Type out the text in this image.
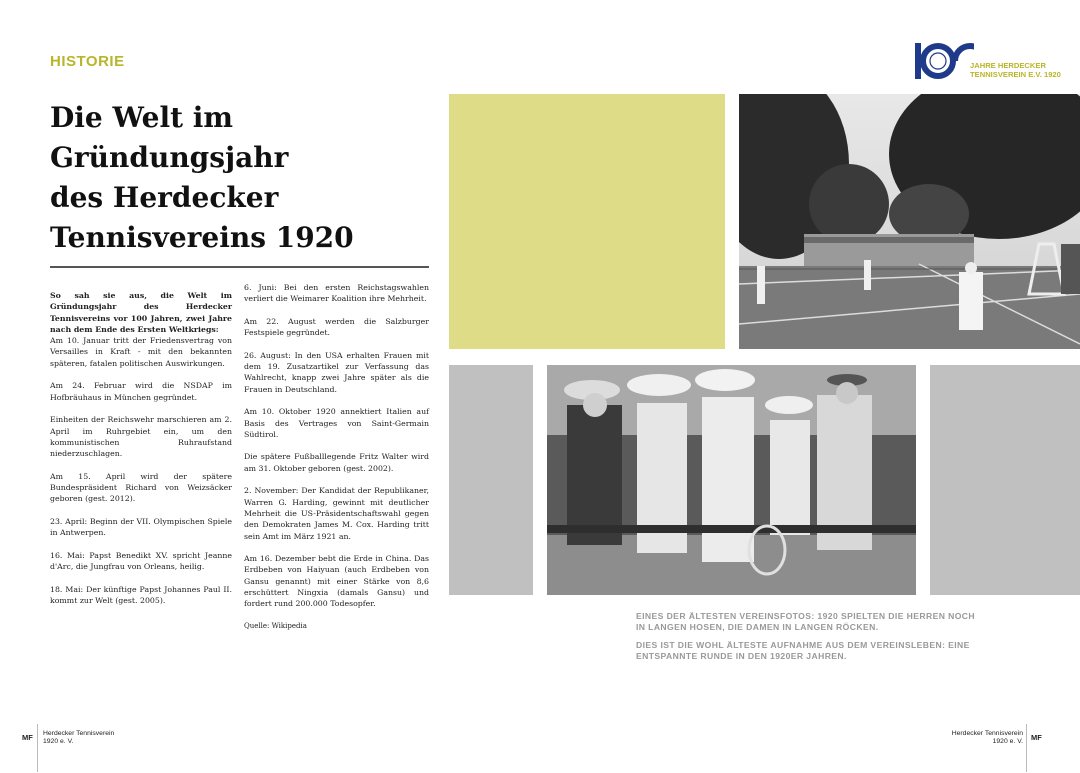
HISTORIE
Die Welt im
Gründungsjahr
des Herdecker
Tennisvereins 1920
JAHRE HERDECKER
TENNISVEREIN E.V. 1920

So sah sie aus, die Welt im Gründungsjahr des Herdecker Tennisvereins vor 100 Jahren, zwei Jahre nach dem Ende des Ersten Weltkriegs:
Am 10. Januar tritt der Friedensvertrag von Versailles in Kraft - mit den bekannten späteren, fatalen politischen Auswirkungen.

Am 24. Februar wird die NSDAP im Hofbräuhaus in München gegründet.

Einheiten der Reichswehr marschieren am 2. April im Ruhrgebiet ein, um den kommunistischen Ruhraufstand niederzuschlagen.

Am 15. April wird der spätere Bundespräsident Richard von Weizsäcker geboren (gest. 2012).

23. April: Beginn der VII. Olympischen Spiele in Antwerpen.

16. Mai: Papst Benedikt XV. spricht Jeanne d'Arc, die Jungfrau von Orleans, heilig.

18. Mai: Der künftige Papst Johannes Paul II. kommt zur Welt (gest. 2005).

6. Juni: Bei den ersten Reichstagswahlen verliert die Weimarer Koalition ihre Mehrheit.

Am 22. August werden die Salzburger Festspiele gegründet.

26. August: In den USA erhalten Frauen mit dem 19. Zusatzartikel zur Verfassung das Wahlrecht, knapp zwei Jahre später als die Frauen in Deutschland.

Am 10. Oktober 1920 annektiert Italien auf Basis des Vertrages von Saint-Germain Südtirol.

Die spätere Fußballlegende Fritz Walter wird am 31. Oktober geboren (gest. 2002).

2. November: Der Kandidat der Republikaner, Warren G. Harding, gewinnt mit deutlicher Mehrheit die US-Präsidentschaftswahl gegen den Demokraten James M. Cox. Harding tritt sein Amt im März 1921 an.

Am 16. Dezember bebt die Erde in China. Das Erdbeben von Haiyuan (auch Erdbeben von Gansu genannt) mit einer Stärke von 8,6 erschüttert Ningxia (damals Gansu) und fordert rund 200.000 Todesopfer.

Quelle: Wikipedia

EINES DER ÄLTESTEN VEREINSFOTOS: 1920 SPIELTEN DIE HERREN NOCH IN LANGEN HOSEN, DIE DAMEN IN LANGEN RÖCKEN.
DIES IST DIE WOHL ÄLTESTE AUFNAHME AUS DEM VEREINSLEBEN: EINE ENTSPANNTE RUNDE IN DEN 1920ER JAHREN.
MF Herdecker Tennisverein
1920 e. V.
Herdecker Tennisverein
1920 e. V. MF
